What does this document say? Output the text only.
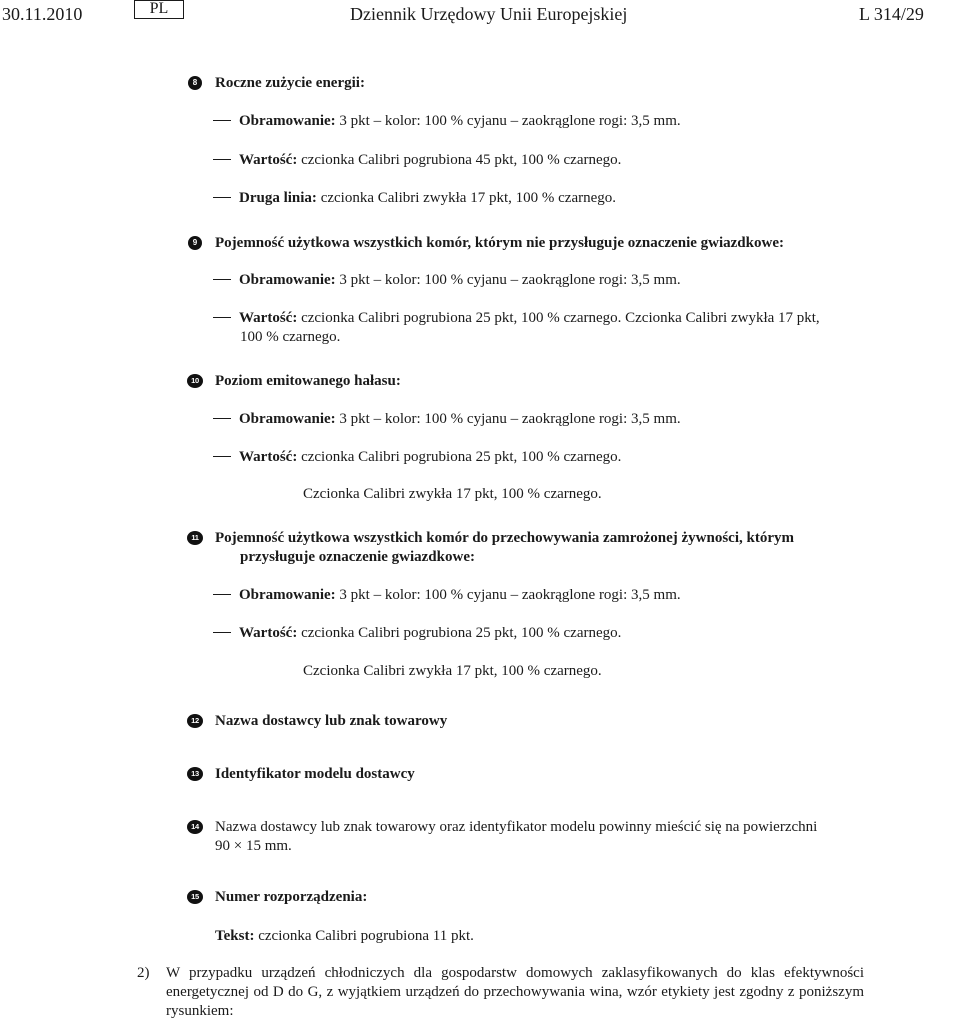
30.11.2010	PL	Dziennik Urzędowy Unii Europejskiej	L 314/29
8	Roczne zużycie energii:
Obramowanie: 3 pkt – kolor: 100 % cyjanu – zaokrąglone rogi: 3,5 mm.
Wartość: czcionka Calibri pogrubiona 45 pkt, 100 % czarnego.
Druga linia: czcionka Calibri zwykła 17 pkt, 100 % czarnego.
9	Pojemność użytkowa wszystkich komór, którym nie przysługuje oznaczenie gwiazdkowe:
Obramowanie: 3 pkt – kolor: 100 % cyjanu – zaokrąglone rogi: 3,5 mm.
Wartość: czcionka Calibri pogrubiona 25 pkt, 100 % czarnego. Czcionka Calibri zwykła 17 pkt,
100 % czarnego.
10 Poziom emitowanego hałasu:
Obramowanie: 3 pkt – kolor: 100 % cyjanu – zaokrąglone rogi: 3,5 mm.
Wartość: czcionka Calibri pogrubiona 25 pkt, 100 % czarnego.
Czcionka Calibri zwykła 17 pkt, 100 % czarnego.
11 Pojemność użytkowa wszystkich komór do przechowywania zamrożonej żywności, którym
przysługuje oznaczenie gwiazdkowe:
Obramowanie: 3 pkt – kolor: 100 % cyjanu – zaokrąglone rogi: 3,5 mm.
Wartość: czcionka Calibri pogrubiona 25 pkt, 100 % czarnego.
Czcionka Calibri zwykła 17 pkt, 100 % czarnego.
12 Nazwa dostawcy lub znak towarowy
13 Identyfikator modelu dostawcy
14 Nazwa dostawcy lub znak towarowy oraz identyfikator modelu powinny mieścić się na powierzchni
90 × 15 mm.
15 Numer rozporządzenia:
Tekst: czcionka Calibri pogrubiona 11 pkt.
2) W przypadku urządzeń chłodniczych dla gospodarstw domowych zaklasyfikowanych do klas efektywności energetycznej od D do G, z wyjątkiem urządzeń do przechowywania wina, wzór etykiety jest zgodny z poniższym rysunkiem:
